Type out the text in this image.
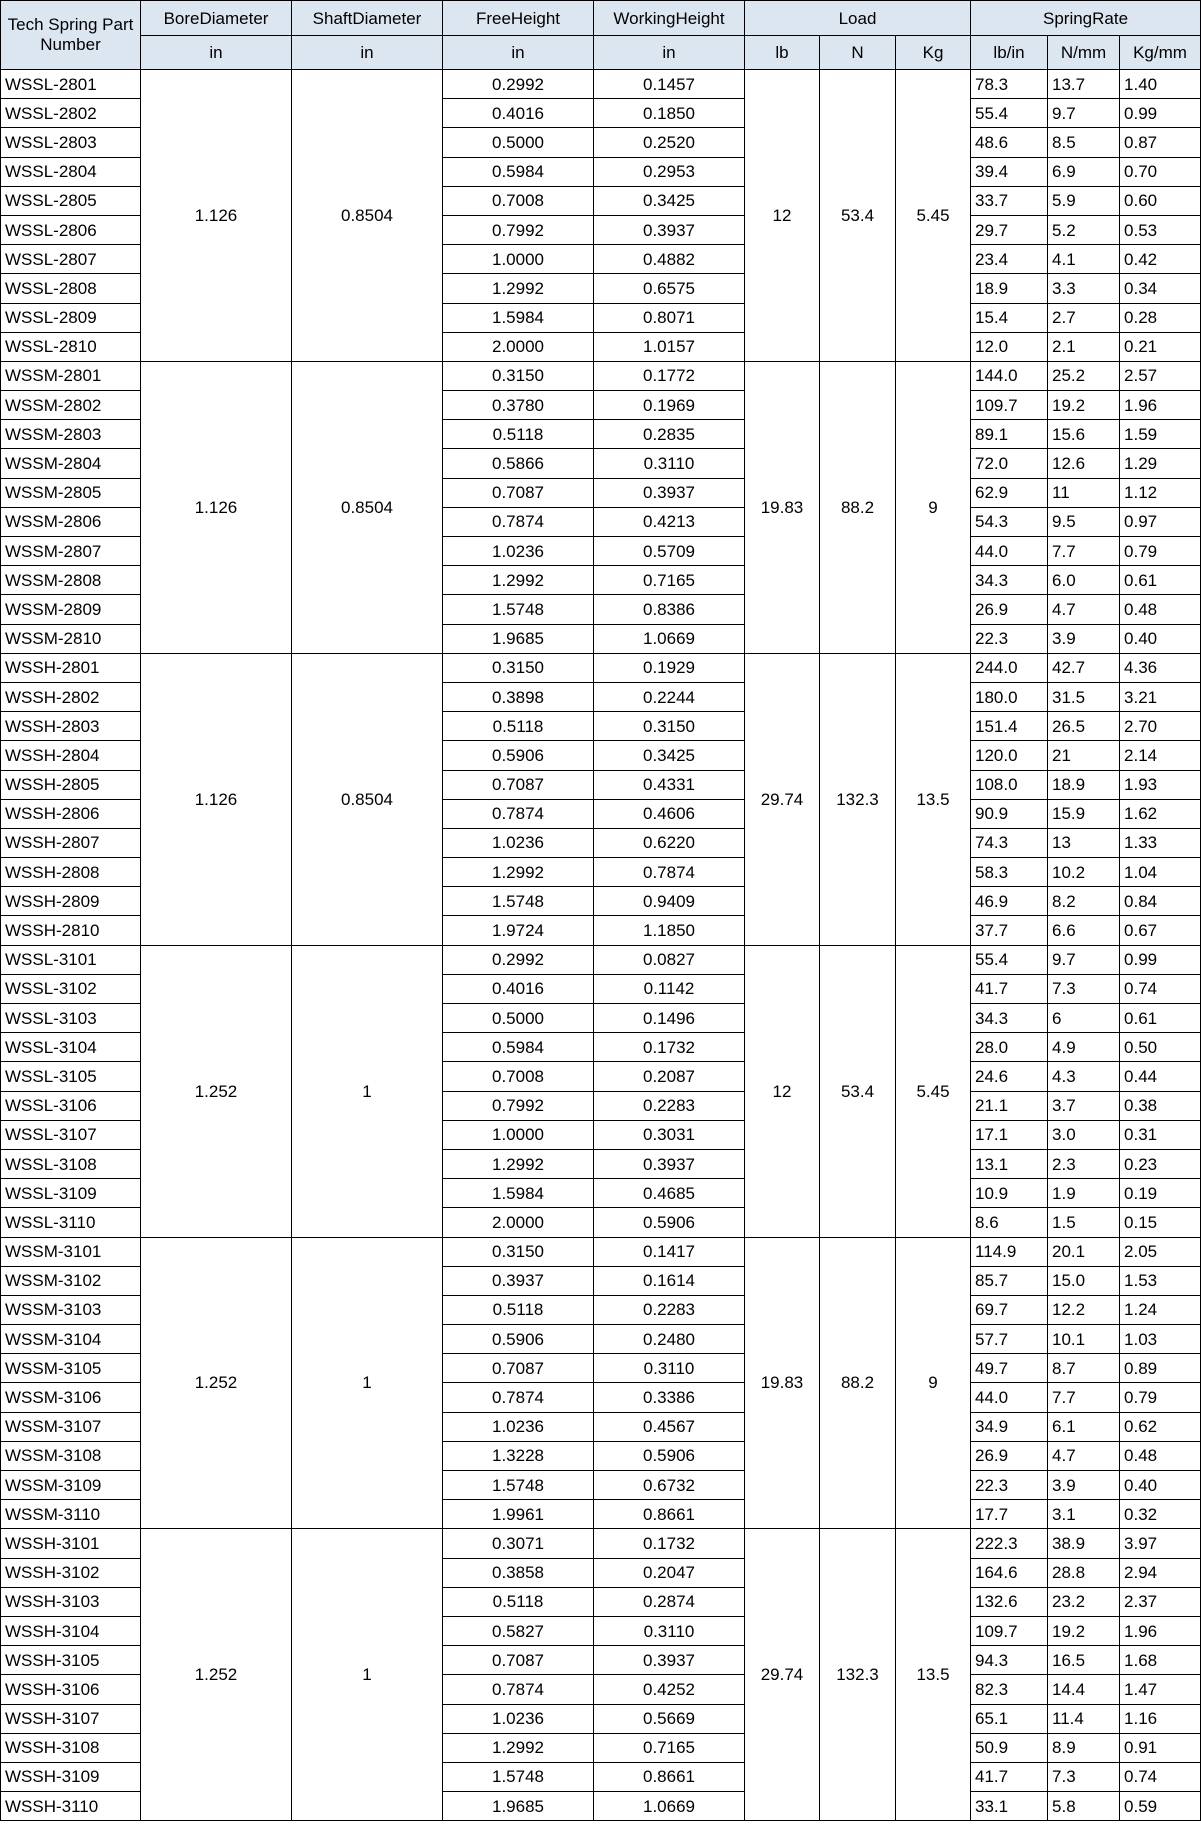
Tech Spring Part Number	BoreDiameter	ShaftDiameter	FreeHeight	WorkingHeight	Load			SpringRate		
	in	in	in	in	lb	N	Kg	lb/in	N/mm	Kg/mm
WSSL-2801	1.126	0.8504	0.2992	0.1457	12	53.4	5.45	78.3	13.7	1.40
WSSL-2802			0.4016	0.1850				55.4	9.7	0.99
WSSL-2803			0.5000	0.2520				48.6	8.5	0.87
WSSL-2804			0.5984	0.2953				39.4	6.9	0.70
WSSL-2805			0.7008	0.3425				33.7	5.9	0.60
WSSL-2806			0.7992	0.3937				29.7	5.2	0.53
WSSL-2807			1.0000	0.4882				23.4	4.1	0.42
WSSL-2808			1.2992	0.6575				18.9	3.3	0.34
WSSL-2809			1.5984	0.8071				15.4	2.7	0.28
WSSL-2810			2.0000	1.0157				12.0	2.1	0.21
WSSM-2801	1.126	0.8504	0.3150	0.1772	19.83	88.2	9	144.0	25.2	2.57
WSSM-2802			0.3780	0.1969				109.7	19.2	1.96
WSSM-2803			0.5118	0.2835				89.1	15.6	1.59
WSSM-2804			0.5866	0.3110				72.0	12.6	1.29
WSSM-2805			0.7087	0.3937				62.9	11	1.12
WSSM-2806			0.7874	0.4213				54.3	9.5	0.97
WSSM-2807			1.0236	0.5709				44.0	7.7	0.79
WSSM-2808			1.2992	0.7165				34.3	6.0	0.61
WSSM-2809			1.5748	0.8386				26.9	4.7	0.48
WSSM-2810			1.9685	1.0669				22.3	3.9	0.40
WSSH-2801	1.126	0.8504	0.3150	0.1929	29.74	132.3	13.5	244.0	42.7	4.36
WSSH-2802			0.3898	0.2244				180.0	31.5	3.21
WSSH-2803			0.5118	0.3150				151.4	26.5	2.70
WSSH-2804			0.5906	0.3425				120.0	21	2.14
WSSH-2805			0.7087	0.4331				108.0	18.9	1.93
WSSH-2806			0.7874	0.4606				90.9	15.9	1.62
WSSH-2807			1.0236	0.6220				74.3	13	1.33
WSSH-2808			1.2992	0.7874				58.3	10.2	1.04
WSSH-2809			1.5748	0.9409				46.9	8.2	0.84
WSSH-2810			1.9724	1.1850				37.7	6.6	0.67
WSSL-3101	1.252	1	0.2992	0.0827	12	53.4	5.45	55.4	9.7	0.99
WSSL-3102			0.4016	0.1142				41.7	7.3	0.74
WSSL-3103			0.5000	0.1496				34.3	6	0.61
WSSL-3104			0.5984	0.1732				28.0	4.9	0.50
WSSL-3105			0.7008	0.2087				24.6	4.3	0.44
WSSL-3106			0.7992	0.2283				21.1	3.7	0.38
WSSL-3107			1.0000	0.3031				17.1	3.0	0.31
WSSL-3108			1.2992	0.3937				13.1	2.3	0.23
WSSL-3109			1.5984	0.4685				10.9	1.9	0.19
WSSL-3110			2.0000	0.5906				8.6	1.5	0.15
WSSM-3101	1.252	1	0.3150	0.1417	19.83	88.2	9	114.9	20.1	2.05
WSSM-3102			0.3937	0.1614				85.7	15.0	1.53
WSSM-3103			0.5118	0.2283				69.7	12.2	1.24
WSSM-3104			0.5906	0.2480				57.7	10.1	1.03
WSSM-3105			0.7087	0.3110				49.7	8.7	0.89
WSSM-3106			0.7874	0.3386				44.0	7.7	0.79
WSSM-3107			1.0236	0.4567				34.9	6.1	0.62
WSSM-3108			1.3228	0.5906				26.9	4.7	0.48
WSSM-3109			1.5748	0.6732				22.3	3.9	0.40
WSSM-3110			1.9961	0.8661				17.7	3.1	0.32
WSSH-3101	1.252	1	0.3071	0.1732	29.74	132.3	13.5	222.3	38.9	3.97
WSSH-3102			0.3858	0.2047				164.6	28.8	2.94
WSSH-3103			0.5118	0.2874				132.6	23.2	2.37
WSSH-3104			0.5827	0.3110				109.7	19.2	1.96
WSSH-3105			0.7087	0.3937				94.3	16.5	1.68
WSSH-3106			0.7874	0.4252				82.3	14.4	1.47
WSSH-3107			1.0236	0.5669				65.1	11.4	1.16
WSSH-3108			1.2992	0.7165				50.9	8.9	0.91
WSSH-3109			1.5748	0.8661				41.7	7.3	0.74
WSSH-3110			1.9685	1.0669				33.1	5.8	0.59
